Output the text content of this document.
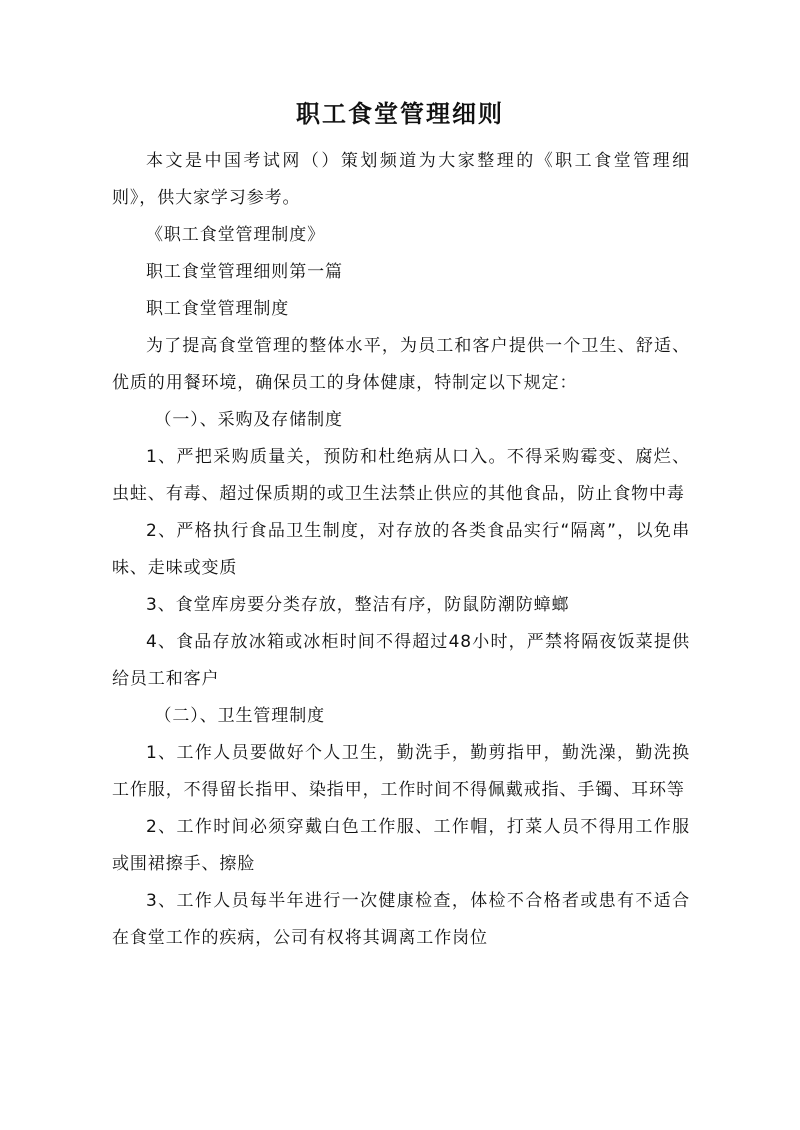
职工食堂管理细则

本文是中国考试网（）策划频道为大家整理的《职工食堂管理细则》，供大家学习参考。

《职工食堂管理制度》

职工食堂管理细则第一篇

职工食堂管理制度

为了提高食堂管理的整体水平，为员工和客户提供一个卫生、舒适、优质的用餐环境，确保员工的身体健康，特制定以下规定：

（一）、采购及存储制度

1、严把采购质量关，预防和杜绝病从口入。不得采购霉变、腐烂、虫蛀、有毒、超过保质期的或卫生法禁止供应的其他食品，防止食物中毒

2、严格执行食品卫生制度，对存放的各类食品实行“隔离”，以免串味、走味或变质

3、食堂库房要分类存放，整洁有序，防鼠防潮防蟑螂

4、食品存放冰箱或冰柜时间不得超过48小时，严禁将隔夜饭菜提供给员工和客户

（二）、卫生管理制度

1、工作人员要做好个人卫生，勤洗手，勤剪指甲，勤洗澡，勤洗换工作服，不得留长指甲、染指甲，工作时间不得佩戴戒指、手镯、耳环等

2、工作时间必须穿戴白色工作服、工作帽，打菜人员不得用工作服或围裙擦手、擦脸

3、工作人员每半年进行一次健康检查，体检不合格者或患有不适合在食堂工作的疾病，公司有权将其调离工作岗位
